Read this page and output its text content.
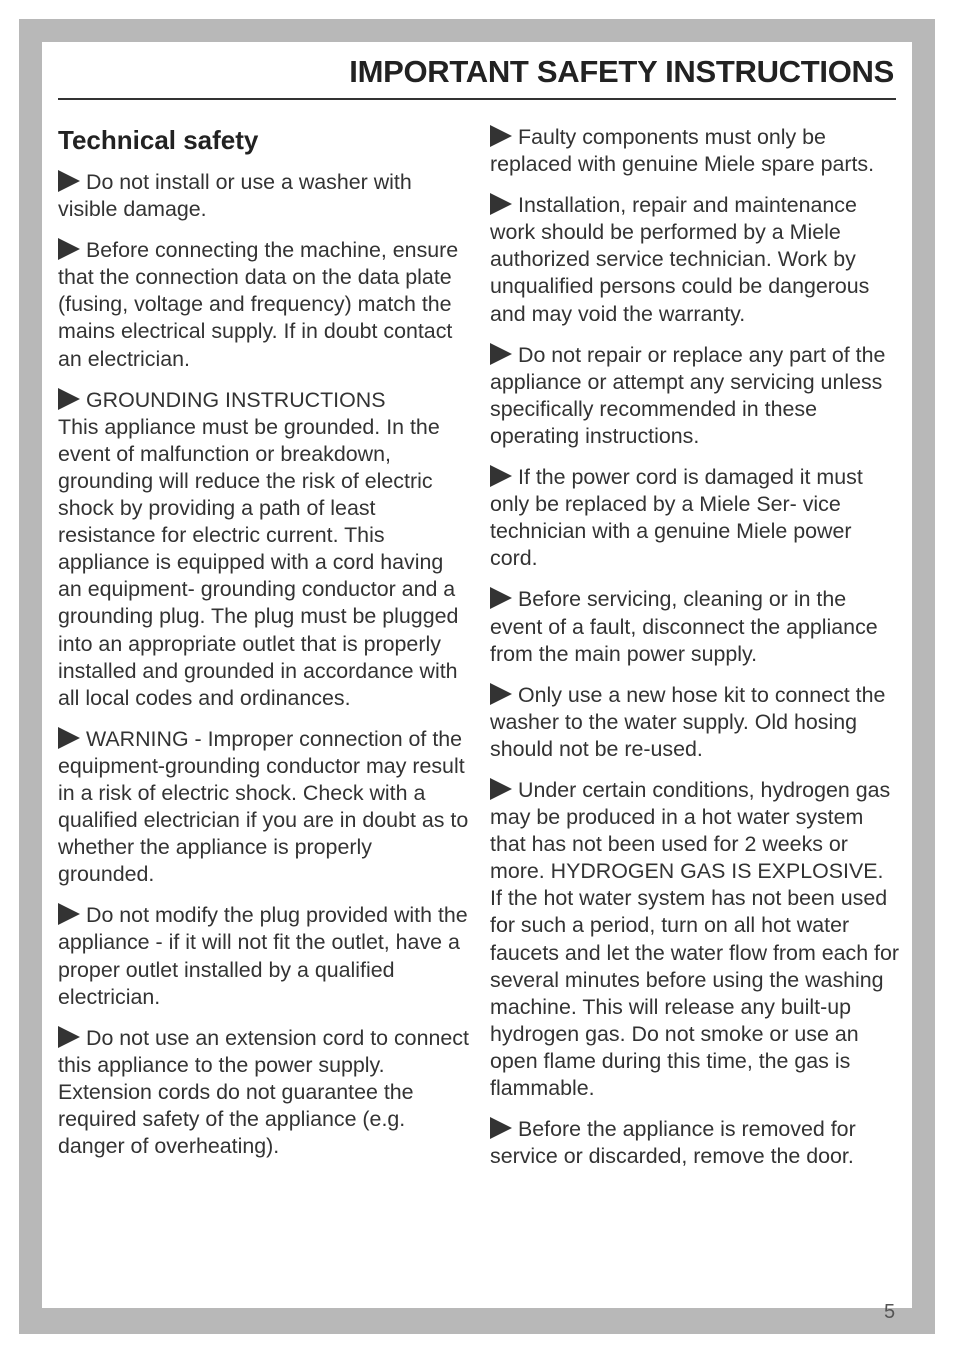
IMPORTANT SAFETY INSTRUCTIONS
Technical safety

Do not install or use a washer with visible damage.

Before connecting the machine, ensure that the connection data on the data plate (fusing, voltage and frequency) match the mains electrical supply. If in doubt contact an electrician.

GROUNDING INSTRUCTIONS
This appliance must be grounded. In the event of malfunction or breakdown, grounding will reduce the risk of electric shock by providing a path of least resistance for electric current. This appliance is equipped with a cord having an equipment- grounding conductor and a grounding plug. The plug must be plugged into an appropriate outlet that is properly installed and grounded in accordance with all local codes and ordinances.

WARNING - Improper connection of the equipment-grounding conductor may result in a risk of electric shock. Check with a qualified electrician if you are in doubt as to whether the appliance is properly grounded.

Do not modify the plug provided with the appliance - if it will not fit the outlet, have a proper outlet installed by a qualified electrician.

Do not use an extension cord to connect this appliance to the power supply. Extension cords do not guarantee the required safety of the appliance (e.g. danger of overheating).

Faulty components must only be replaced with genuine Miele spare parts.

Installation, repair and maintenance work should be performed by a Miele authorized service technician. Work by unqualified persons could be dangerous and may void the warranty.

Do not repair or replace any part of the appliance or attempt any servicing unless specifically recommended in these operating instructions.

If the power cord is damaged it must only be replaced by a Miele Ser- vice technician with a genuine Miele power cord.

Before servicing, cleaning or in the event of a fault, disconnect the appliance from the main power supply.

Only use a new hose kit to connect the washer to the water supply. Old hosing should not be re-used.

Under certain conditions, hydrogen gas may be produced in a hot water system that has not been used for 2 weeks or more. HYDROGEN GAS IS EXPLOSIVE. If the hot water system has not been used for such a period, turn on all hot water faucets and let the water flow from each for several minutes before using the washing machine. This will release any built-up hydrogen gas. Do not smoke or use an open flame during this time, the gas is flammable.

Before the appliance is removed for service or discarded, remove the door.

5
